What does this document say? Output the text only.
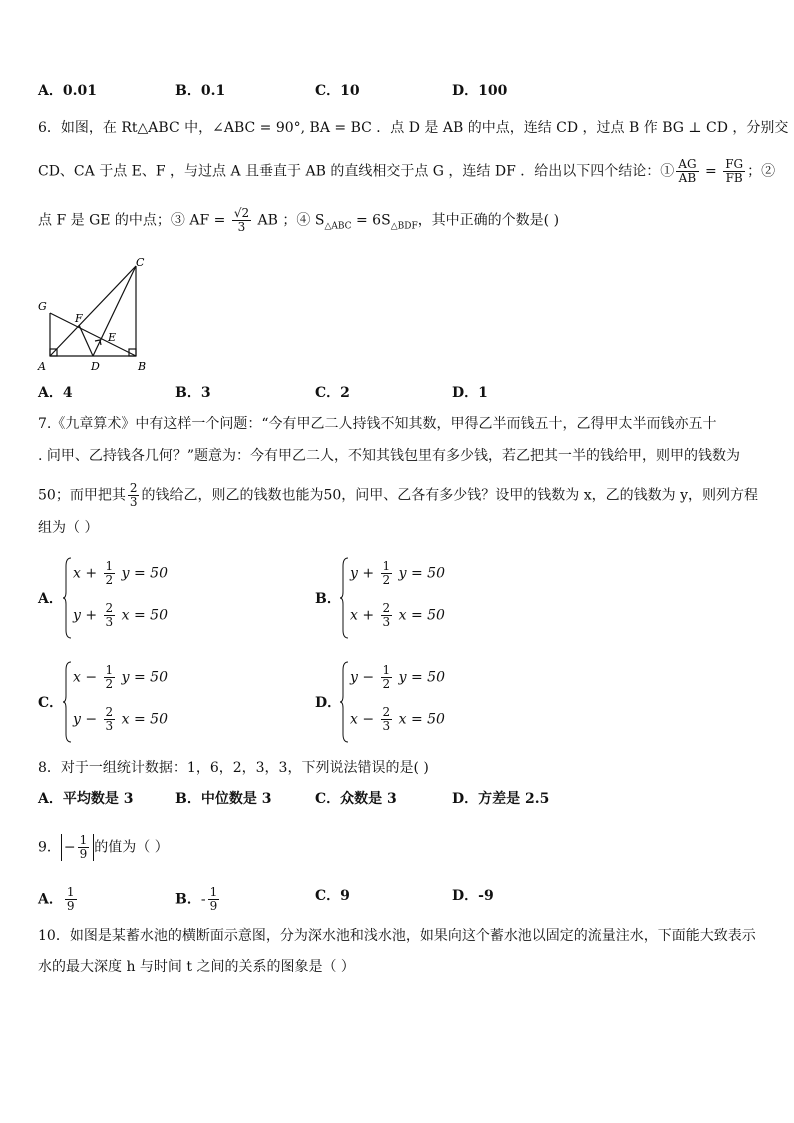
A．0.01	B．0.1	C．10	D．100
6．如图，在 Rt△ABC 中，∠ABC = 90°, BA = BC ．点 D 是 AB 的中点，连结 CD ，过点 B 作 BG ⊥ CD ，分别交
CD、CA 于点 E、F ，与过点 A 且垂直于 AB 的直线相交于点 G ，连结 DF ．给出以下四个结论：① $\frac{AG}{AB} = \frac{FG}{FB}$ ；②
点 F 是 GE 的中点；③ AF = $\frac{√2}{3}$ AB ；④ $S_{\triangle ABC} = 6S_{\triangle BDF}$，其中正确的个数是( )
A	B
C
D
E
F
G
A．4	B．3	C．2	D．1
7.《九章算术》中有这样一个问题：“今有甲乙二人持钱不知其数，甲得乙半而钱五十，乙得甲太半而钱亦五十
. 问甲、乙持钱各几何？”题意为：今有甲乙二人，不知其钱包里有多少钱，若乙把其一半的钱给甲，则甲的钱数为
50；而甲把其 $\frac{2}{3}$ 的钱给乙，则乙的钱数也能为50，问甲、乙各有多少钱？设甲的钱数为 x，乙的钱数为 y，则列方程
组为（ ）
A．
$x + \frac{1}{2}$ y = 50
$y + \frac{2}{3}$ x = 50
B．
$y + \frac{1}{2}$ y = 50
$x + \frac{2}{3}$ x = 50
C．
$x - \frac{1}{2}$ y = 50
$y - \frac{2}{3}$ x = 50
D．
$y - \frac{1}{2}$ y = 50
$x - \frac{2}{3}$ x = 50
8．对于一组统计数据：1，6，2，3，3，下列说法错误的是( )
A．平均数是 3	B．中位数是 3	C．众数是 3	D．方差是 2.5
9． − $\frac{1}{9}$ 的值为（ ）
A． $\frac{1}{9}$	B．- $\frac{1}{9}$	C．9	D．-9
10．如图是某蓄水池的横断面示意图，分为深水池和浅水池，如果向这个蓄水池以固定的流量注水，下面能大致表示
水的最大深度 h 与时间 t 之间的关系的图象是（ ）
